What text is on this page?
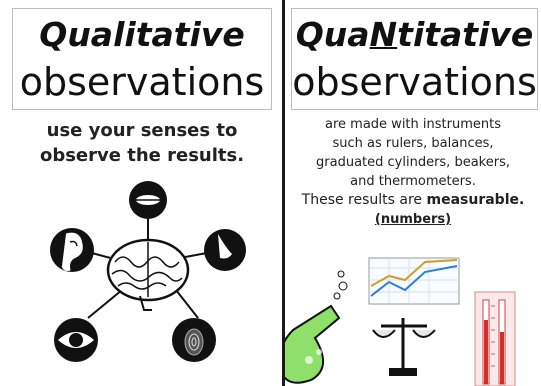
Qualitative
observations
use your senses to
observe the results.
QuaNtitative
observations
are made with instruments
such as rulers, balances,
graduated cylinders, beakers,
and thermometers.
These results are measurable.
(numbers)
